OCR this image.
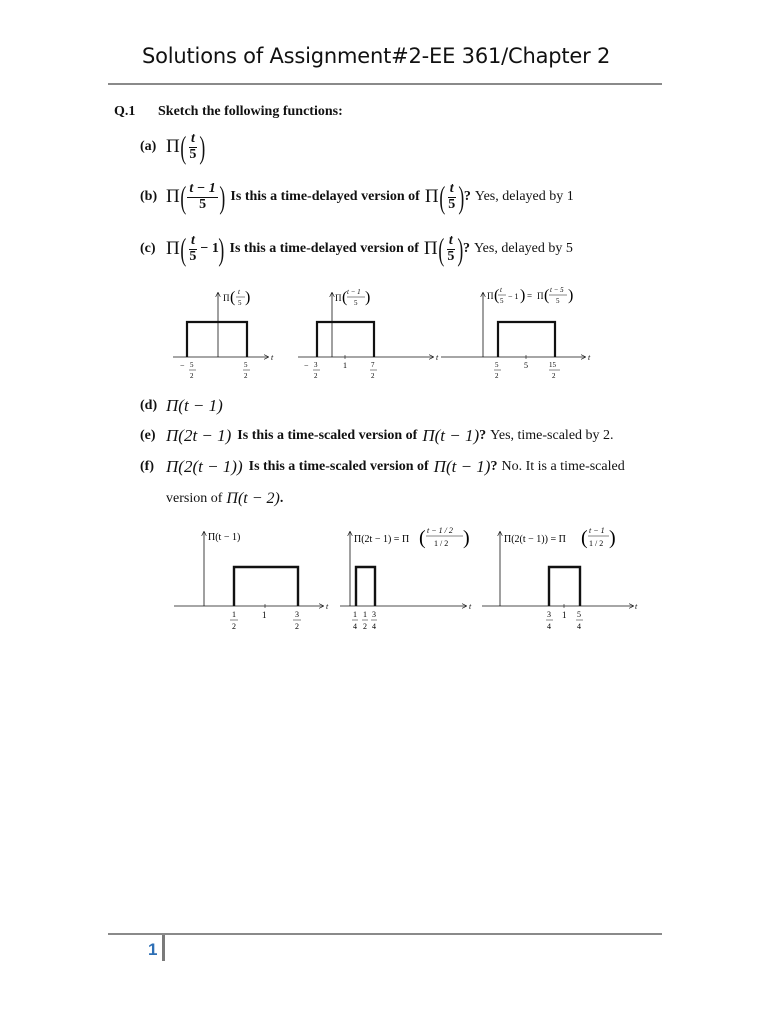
Solutions of Assignment#2-EE 361/Chapter 2
Q.1 Sketch the following functions:
(a) Π ( $\frac{t}{5}$ )
(b) Π ( $\frac{t - 1}{5}$ ) Is this a time-delayed version of Π ( $\frac{t}{5}$ ) ? Yes, delayed by 1
(c) Π ( $\frac{t}{5} - 1$ ) Is this a time-delayed version of Π ( $\frac{t}{5}$ ) ? Yes, delayed by 5
t
Π ( t
5 )
− 5
2
5
2
t
Π ( t − 1
5 )
− 3
2
1	7
2
t
Π ( t
5 − 1 ) = Π ( t − 5
5 )
5
2
5	15
2
(d) Π(t − 1)
(e) Π(2t − 1) Is this a time-scaled version of Π(t − 1) ? Yes, time-scaled by 2.
(f) Π(2(t − 1)) Is this a time-scaled version of Π(t − 1) ? No. It is a time-scaled
version of Π(t − 2) .
t
Π(t − 1)
1
2
1	3
2
t
Π(2t − 1) = Π ( t − 1 / 2
1 / 2 )
1
4
1
2
3
4
t
Π(2(t − 1)) = Π ( t − 1
1 / 2 )
3
4
1 5
4
1
